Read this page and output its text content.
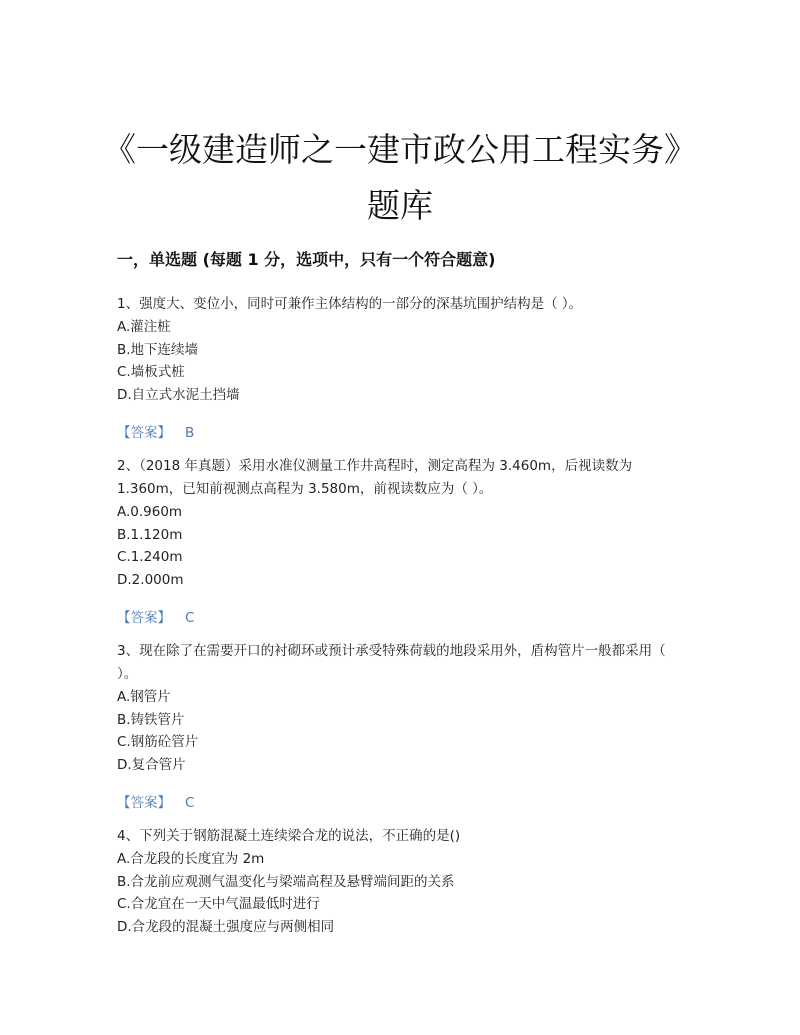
《一级建造师之一建市政公用工程实务》题库
一，单选题 (每题 1 分，选项中，只有一个符合题意)

1、强度大、变位小，同时可兼作主体结构的一部分的深基坑围护结构是（ ）。

A.灌注桩

B.地下连续墙

C.墙板式桩

D.自立式水泥土挡墙

【答案】 B

2、（2018 年真题）采用水准仪测量工作井高程时，测定高程为 3.460m，后视读数为 1.360m，已知前视测点高程为 3.580m，前视读数应为（ ）。

A.0.960m

B.1.120m

C.1.240m

D.2.000m

【答案】 C

3、现在除了在需要开口的衬砌环或预计承受特殊荷载的地段采用外，盾构管片一般都采用（ ）。

A.钢管片

B.铸铁管片

C.钢筋砼管片

D.复合管片

【答案】 C

4、下列关于钢筋混凝土连续梁合龙的说法，不正确的是()

A.合龙段的长度宜为 2m

B.合龙前应观测气温变化与梁端高程及悬臂端间距的关系

C.合龙宜在一天中气温最低时进行

D.合龙段的混凝土强度应与两侧相同
